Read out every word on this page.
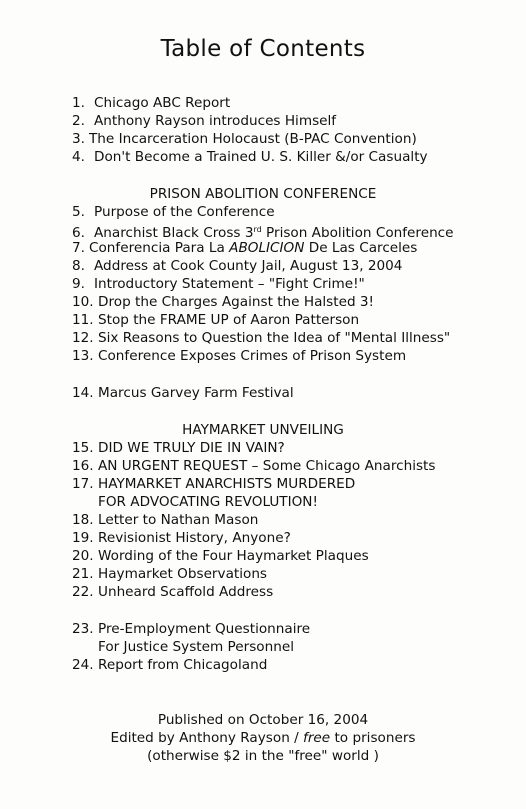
Table of Contents
1. Chicago ABC Report
2. Anthony Rayson introduces Himself
3. The Incarceration Holocaust (B-PAC Convention)
4. Don't Become a Trained U. S. Killer &/or Casualty
PRISON ABOLITION CONFERENCE
5. Purpose of the Conference
6. Anarchist Black Cross 3rd Prison Abolition Conference
7. Conferencia Para La ABOLICION De Las Carceles
8. Address at Cook County Jail, August 13, 2004
9. Introductory Statement – "Fight Crime!"
10. Drop the Charges Against the Halsted 3!
11. Stop the FRAME UP of Aaron Patterson
12. Six Reasons to Question the Idea of "Mental Illness"
13. Conference Exposes Crimes of Prison System
14. Marcus Garvey Farm Festival
HAYMARKET UNVEILING
15. DID WE TRULY DIE IN VAIN?
16. AN URGENT REQUEST – Some Chicago Anarchists
17. HAYMARKET ANARCHISTS MURDERED
FOR ADVOCATING REVOLUTION!
18. Letter to Nathan Mason
19. Revisionist History, Anyone?
20. Wording of the Four Haymarket Plaques
21. Haymarket Observations
22. Unheard Scaffold Address
23. Pre-Employment Questionnaire
For Justice System Personnel
24. Report from Chicagoland
Published on October 16, 2004
Edited by Anthony Rayson / free to prisoners
(otherwise $2 in the "free" world )
